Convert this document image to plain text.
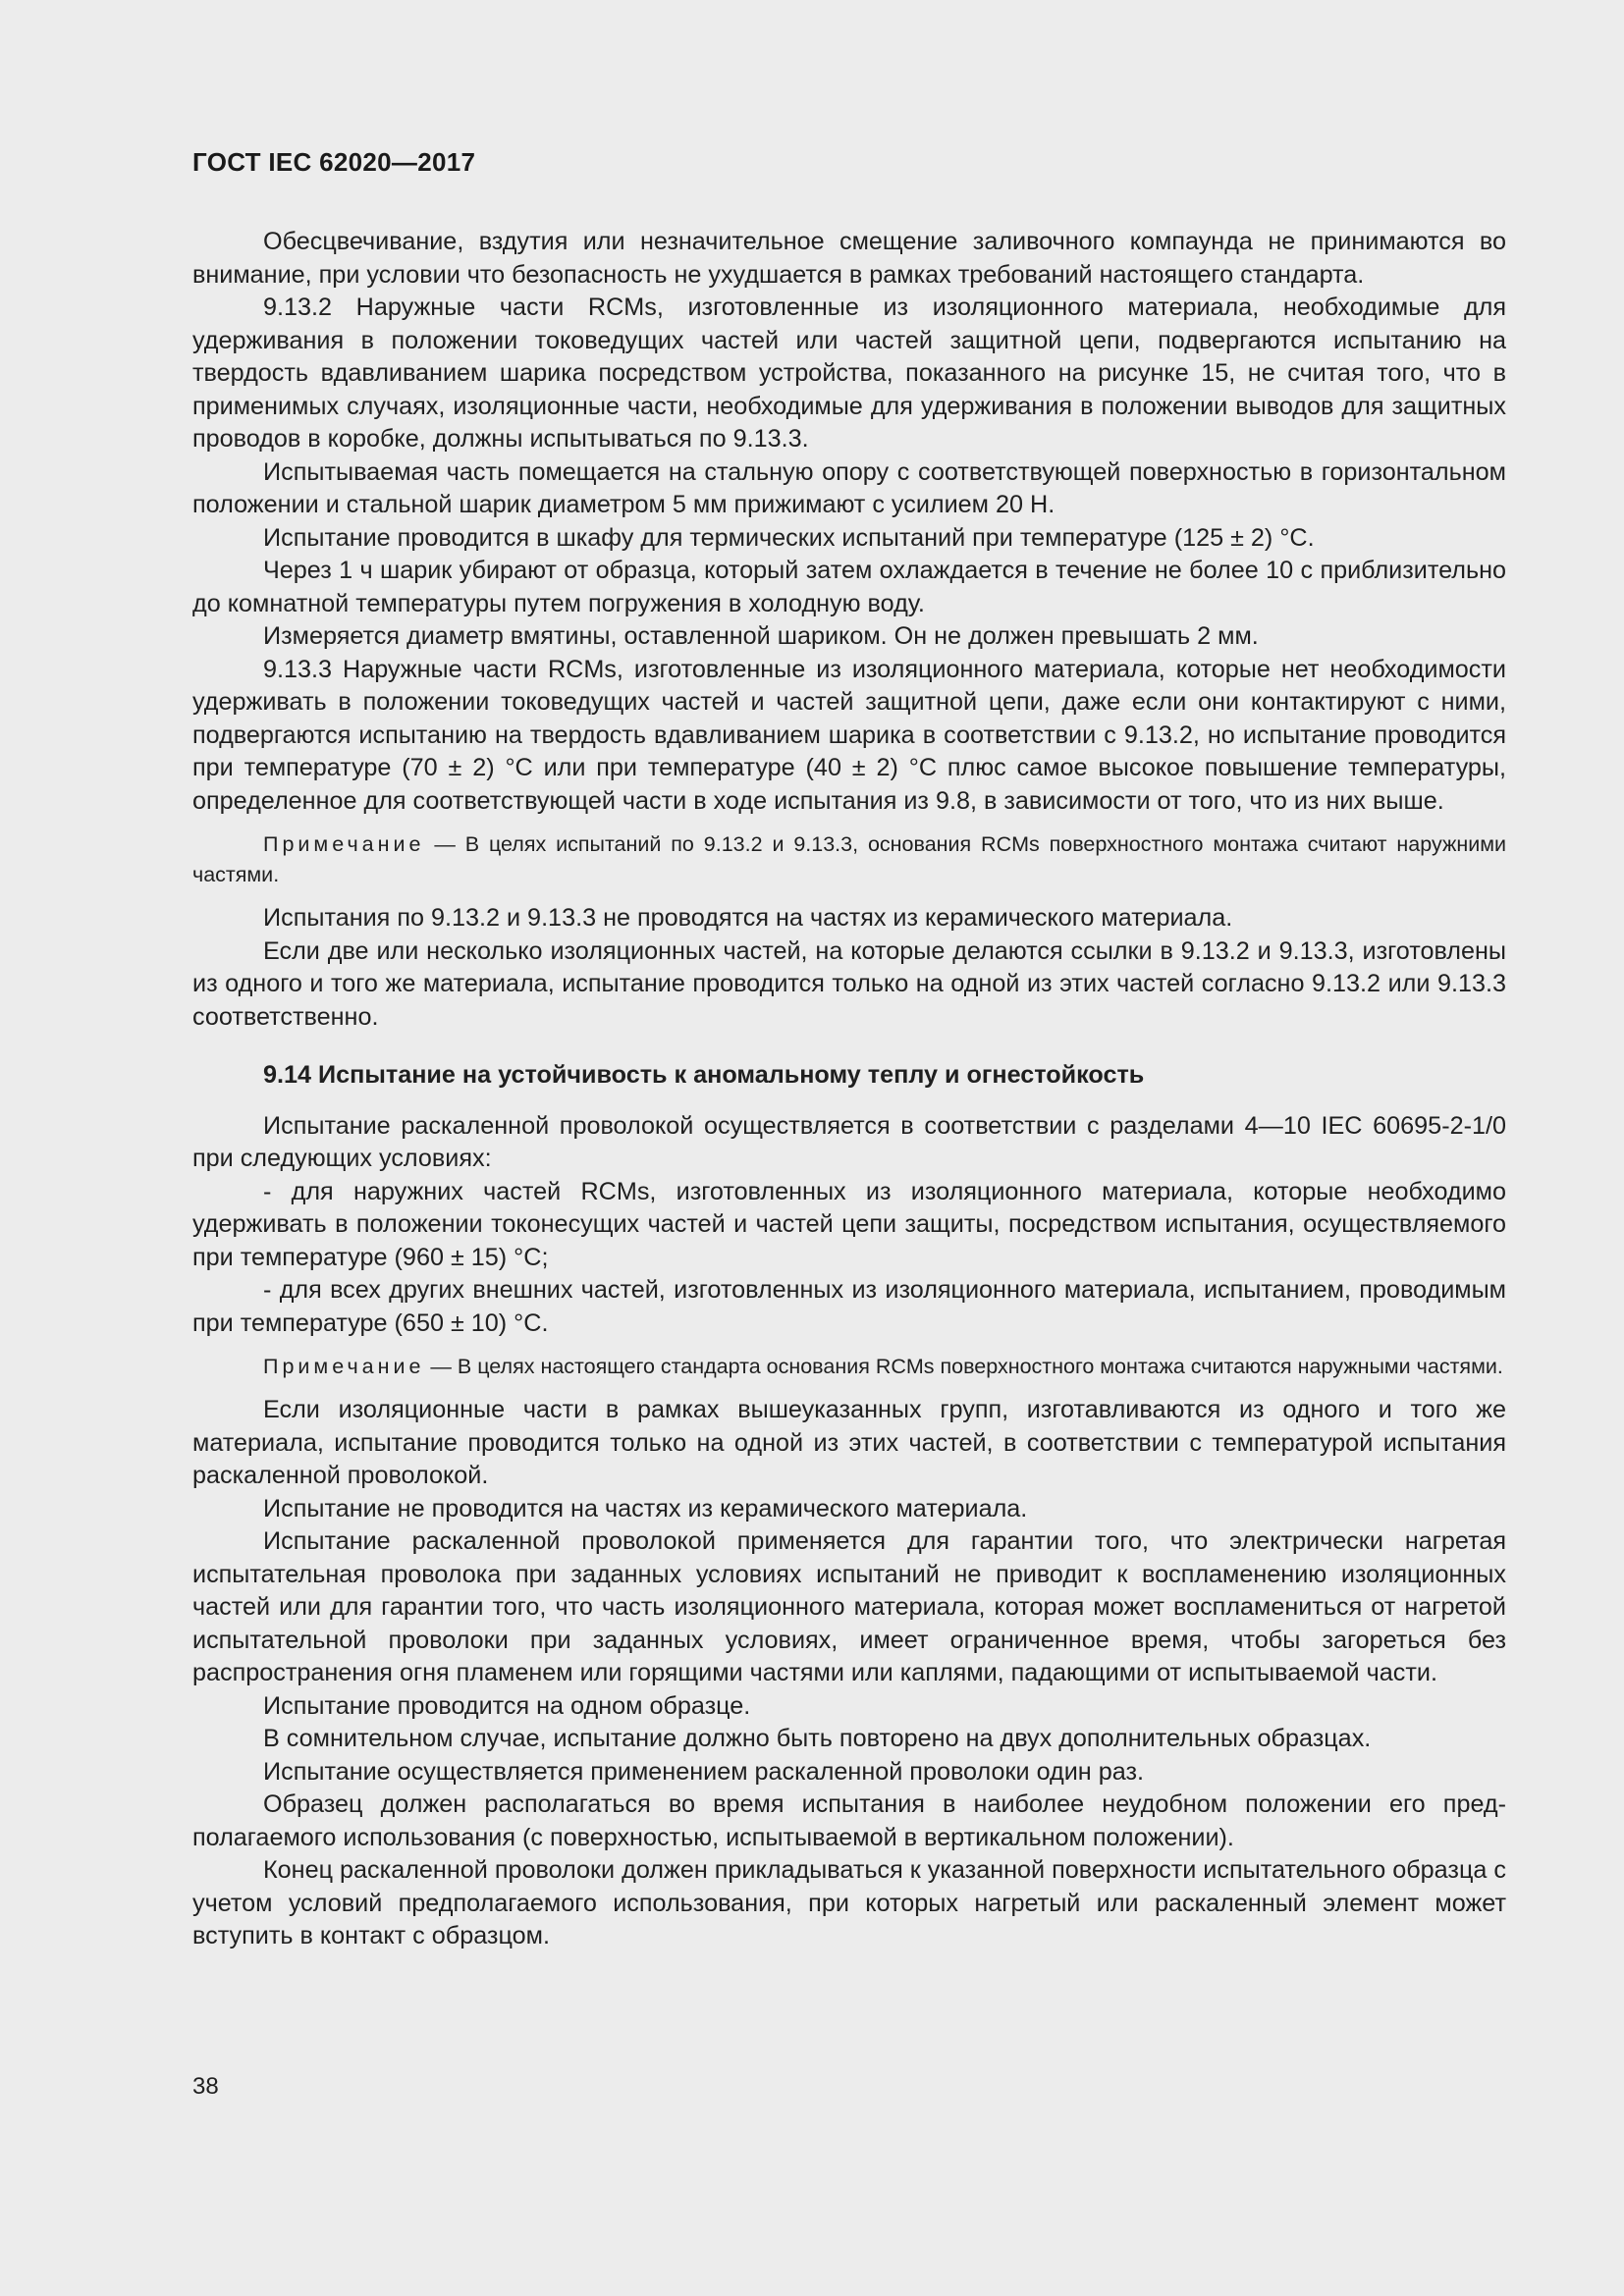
ГОСТ IEC 62020—2017

Обесцвечивание, вздутия или незначительное смещение заливочного компаунда не принимаются во внимание, при условии что безопасность не ухудшается в рамках требований настоящего стандарта.

9.13.2 Наружные части RCMs, изготовленные из изоляционного материала, необходимые для удерживания в положении токоведущих частей или частей защитной цепи, подвергаются испытанию на твердость вдавливанием шарика посредством устройства, показанного на рисунке 15, не считая того, что в применимых случаях, изоляционные части, необходимые для удерживания в положении выводов для защитных проводов в коробке, должны испытываться по 9.13.3.

Испытываемая часть помещается на стальную опору с соответствующей поверхностью в горизонтальном положении и стальной шарик диаметром 5 мм прижимают с усилием 20 Н.

Испытание проводится в шкафу для термических испытаний при температуре (125 ± 2) °С.

Через 1 ч шарик убирают от образца, который затем охлаждается в течение не более 10 с приблизительно до комнатной температуры путем погружения в холодную воду.

Измеряется диаметр вмятины, оставленной шариком. Он не должен превышать 2 мм.

9.13.3 Наружные части RCMs, изготовленные из изоляционного материала, которые нет необходимости удерживать в положении токоведущих частей и частей защитной цепи, даже если они контактируют с ними, подвергаются испытанию на твердость вдавливанием шарика в соответствии с 9.13.2, но испытание проводится при температуре (70 ± 2) °С или при температуре (40 ± 2) °С плюс самое высокое повышение температуры, определенное для соответствующей части в ходе испытания из 9.8, в зависимости от того, что из них выше.

Примечание — В целях испытаний по 9.13.2 и 9.13.3, основания RCMs поверхностного монтажа считают наружними частями.

Испытания по 9.13.2 и 9.13.3 не проводятся на частях из керамического материала.

Если две или несколько изоляционных частей, на которые делаются ссылки в 9.13.2 и 9.13.3, изготовлены из одного и того же материала, испытание проводится только на одной из этих частей согласно 9.13.2 или 9.13.3 соответственно.

9.14 Испытание на устойчивость к аномальному теплу и огнестойкость

Испытание раскаленной проволокой осуществляется в соответствии с разделами 4—10 IEC 60695-2-1/0 при следующих условиях:

- для наружних частей RCMs, изготовленных из изоляционного материала, которые необходимо удерживать в положении токонесущих частей и частей цепи защиты, посредством испытания, осуществляемого при температуре (960 ± 15) °С;

- для всех других внешних частей, изготовленных из изоляционного материала, испытанием, проводимым при температуре (650 ± 10) °С.

Примечание — В целях настоящего стандарта основания RCMs поверхностного монтажа считаются наружными частями.

Если изоляционные части в рамках вышеуказанных групп, изготавливаются из одного и того же материала, испытание проводится только на одной из этих частей, в соответствии с температурой испытания раскаленной проволокой.

Испытание не проводится на частях из керамического материала.

Испытание раскаленной проволокой применяется для гарантии того, что электрически нагретая испытательная проволока при заданных условиях испытаний не приводит к воспламенению изоляционных частей или для гарантии того, что часть изоляционного материала, которая может воспламениться от нагретой испытательной проволоки при заданных условиях, имеет ограниченное время, чтобы загореться без распространения огня пламенем или горящими частями или каплями, падающими от испытываемой части.

Испытание проводится на одном образце.

В сомнительном случае, испытание должно быть повторено на двух дополнительных образцах.

Испытание осуществляется применением раскаленной проволоки один раз.

Образец должен располагаться во время испытания в наиболее неудобном положении его предполагаемого использования (с поверхностью, испытываемой в вертикальном положении).

Конец раскаленной проволоки должен прикладываться к указанной поверхности испытательного образца с учетом условий предполагаемого использования, при которых нагретый или раскаленный элемент может вступить в контакт с образцом.

38
